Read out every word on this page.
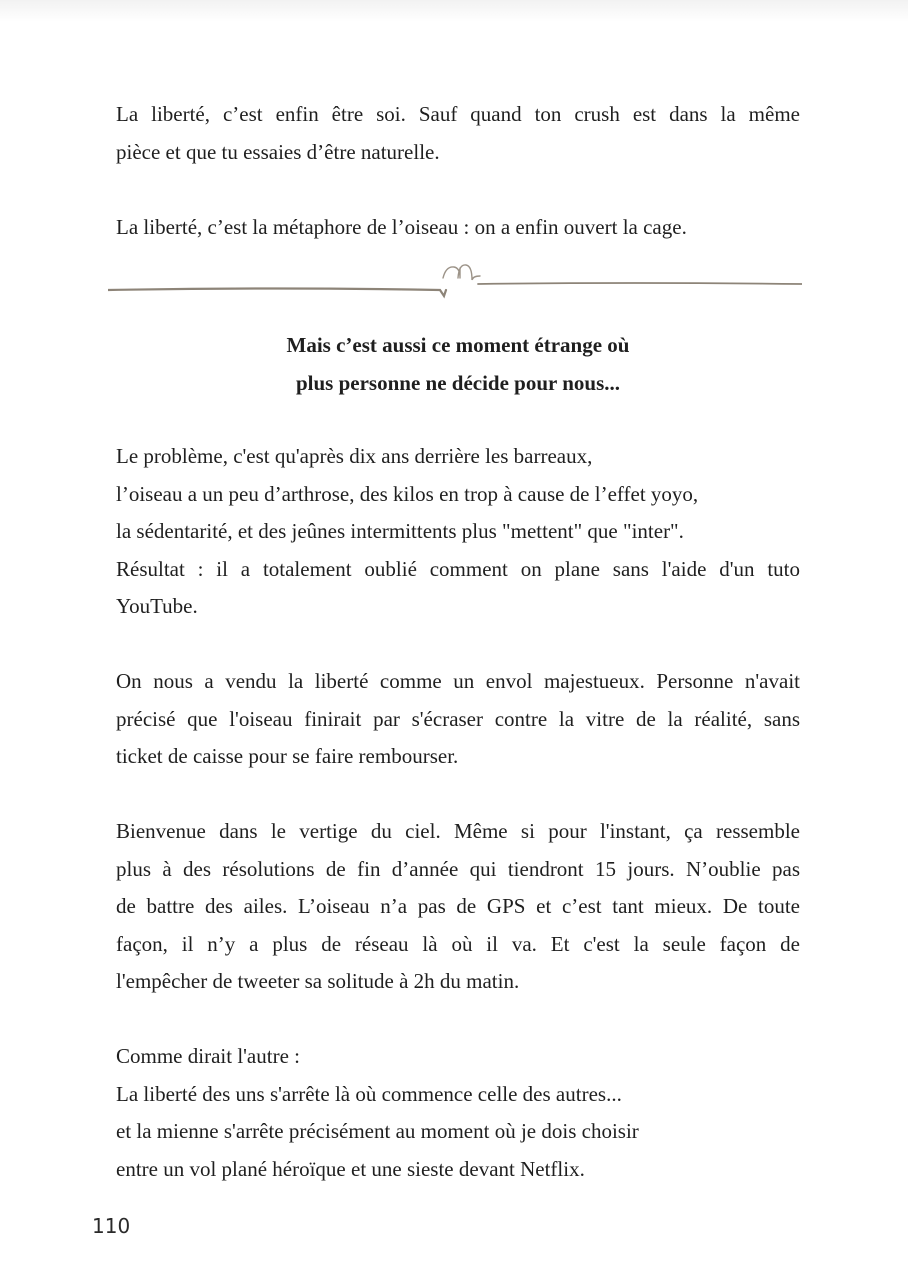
La liberté, c’est enfin être soi. Sauf quand ton crush est dans la même
pièce et que tu essaies d’être naturelle.

La liberté, c’est la métaphore de l’oiseau : on a enfin ouvert la cage.

Mais c’est aussi ce moment étrange où
plus personne ne décide pour nous...

Le problème, c'est qu'après dix ans derrière les barreaux,
l’oiseau a un peu d’arthrose, des kilos en trop à cause de l’effet yoyo,
la sédentarité, et des jeûnes intermittents plus "mettent" que "inter".
Résultat : il a totalement oublié comment on plane sans l'aide d'un tuto
YouTube.

On nous a vendu la liberté comme un envol majestueux. Personne n'avait
précisé que l'oiseau finirait par s'écraser contre la vitre de la réalité, sans
ticket de caisse pour se faire rembourser.

Bienvenue dans le vertige du ciel. Même si pour l'instant, ça ressemble
plus à des résolutions de fin d’année qui tiendront 15 jours. N’oublie pas
de battre des ailes. L’oiseau n’a pas de GPS et c’est tant mieux. De toute
façon, il n’y a plus de réseau là où il va. Et c'est la seule façon de
l'empêcher de tweeter sa solitude à 2h du matin.

Comme dirait l'autre :
La liberté des uns s'arrête là où commence celle des autres...
et la mienne s'arrête précisément au moment où je dois choisir
entre un vol plané héroïque et une sieste devant Netflix.

110
